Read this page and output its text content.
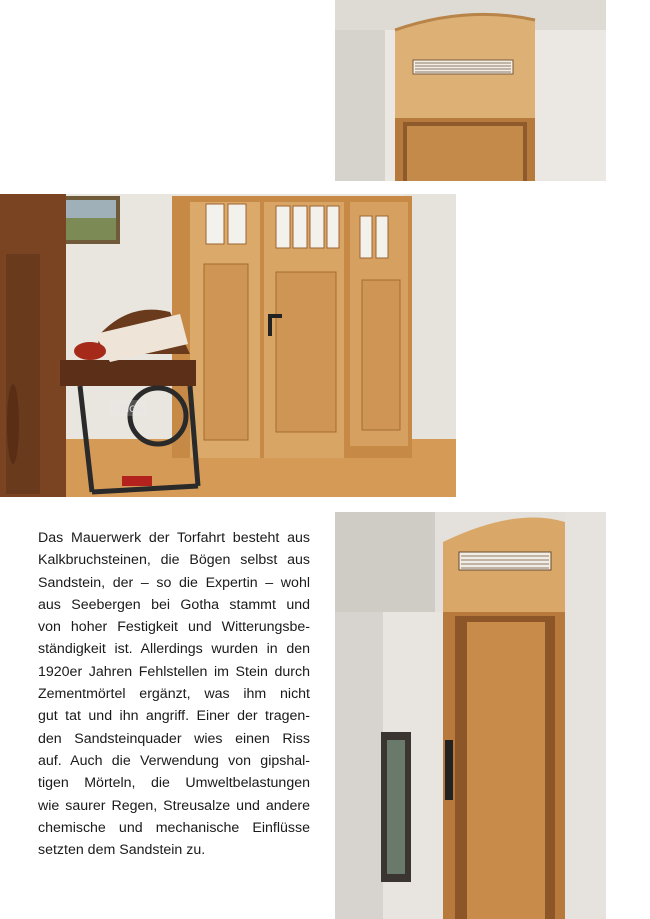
SINGER
Das Mauerwerk der Torfahrt besteht aus
Kalkbruchsteinen, die Bögen selbst aus
Sandstein, der – so die Expertin – wohl
aus Seebergen bei Gotha stammt und
von hoher Festigkeit und Witterungsbe-
ständigkeit ist. Allerdings wurden in den
1920er Jahren Fehlstellen im Stein durch
Zementmörtel ergänzt, was ihm nicht
gut tat und ihn angriff. Einer der tragen-
den Sandsteinquader wies einen Riss
auf. Auch die Verwendung von gipshal-
tigen Mörteln, die Umweltbelastungen
wie saurer Regen, Streusalze und andere
chemische und mechanische Einflüsse
setzten dem Sandstein zu.
